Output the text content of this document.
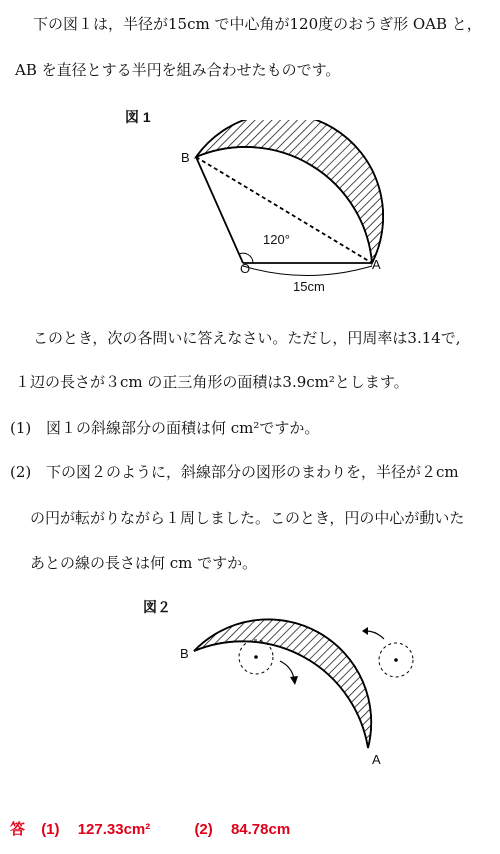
下の図１は，半径が15cm で中心角が120度のおうぎ形 OAB と，
AB を直径とする半円を組み合わせたものです。
図 1
B
O	A
120°
15cm
このとき，次の各問いに答えなさい。ただし，円周率は3.14で,
１辺の長さが３cm の正三角形の面積は3.9cm²とします。
(1) 図１の斜線部分の面積は何 cm²ですか。
(2) 下の図２のように，斜線部分の図形のまわりを，半径が２cm
の円が転がりながら１周しました。このとき，円の中心が動いた
あとの線の長さは何 cm ですか。
図２
B
A
答 (1) 127.33cm²	(2) 84.78cm
